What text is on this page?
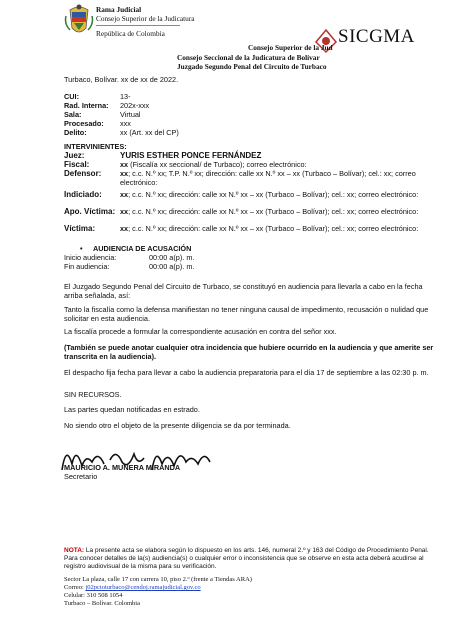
Rama Judicial
Consejo Superior de la Judicatura
República de Colombia	SICGMA
Consejo Superior de la Jud
Consejo Seccional de la Judicatura de Bolívar
Juzgado Segundo Penal del Circuito de Turbaco
Turbaco, Bolívar. xx de xx de 2022.
CUI:	13-
Rad. Interna: 202x-xxx
Sala:	Virtual
Procesado: xxx
Delito:	xx (Art. xx del CP)
INTERVINIENTES:
Juez:	YURIS ESTHER PONCE FERNÁNDEZ
Fiscal:	xx (Fiscalía xx seccional/ de Turbaco); correo electrónico:
Defensor:	xx; c.c. N.º xx; T.P. N.º xx; dirección: calle xx N.º xx – xx (Turbaco – Bolívar); cel.: xx; correo electrónico:
Indiciado: xx; c.c. N.º xx; dirección: calle xx N.º xx – xx (Turbaco – Bolívar); cel.: xx; correo electrónico:
Apo. Víctima: xx; c.c. N.º xx; dirección: calle xx N.º xx – xx (Turbaco – Bolívar); cel.: xx; correo electrónico:
Víctima:	xx; c.c. N.º xx; dirección: calle xx N.º xx – xx (Turbaco – Bolívar); cel.: xx; correo electrónico:
• AUDIENCIA DE ACUSACIÓN
Inicio audiencia:	00:00 a(p). m.
Fin audiencia:	00:00 a(p). m.
El Juzgado Segundo Penal del Circuito de Turbaco, se constituyó en audiencia para llevarla a cabo en la fecha arriba señalada, así:
Tanto la fiscalía como la defensa manifiestan no tener ninguna causal de impedimento, recusación o nulidad que solicitar en esta audiencia.
La fiscalía procede a formular la correspondiente acusación en contra del señor xxx.
(También se puede anotar cualquier otra incidencia que hubiere ocurrido en la audiencia y que amerite ser transcrita en la audiencia).
El despacho fija fecha para llevar a cabo la audiencia preparatoria para el día 17 de septiembre a las 02:30 p. m.
SIN RECURSOS.
Las partes quedan notificadas en estrado.
No siendo otro el objeto de la presente diligencia se da por terminada.
MAURICIO A. MUNERA MIRANDA
Secretario
NOTA: La presente acta se elabora según lo dispuesto en los arts. 146, numeral 2.º y 163 del Código de Procedimiento Penal. Para conocer detalles de la(s) audiencia(s) o cualquier error o inconsistencia que se observe en esta acta deberá acudirse al registro audiovisual de la misma para su verificación.
Sector La plaza, calle 17 con carrera 10, piso 2.º (frente a Tiendas ARA)
Correo: j02pctoturbaco@cendoj.ramajudicial.gov.co
Celular: 310 508 1054
Turbaco – Bolívar. Colombia
